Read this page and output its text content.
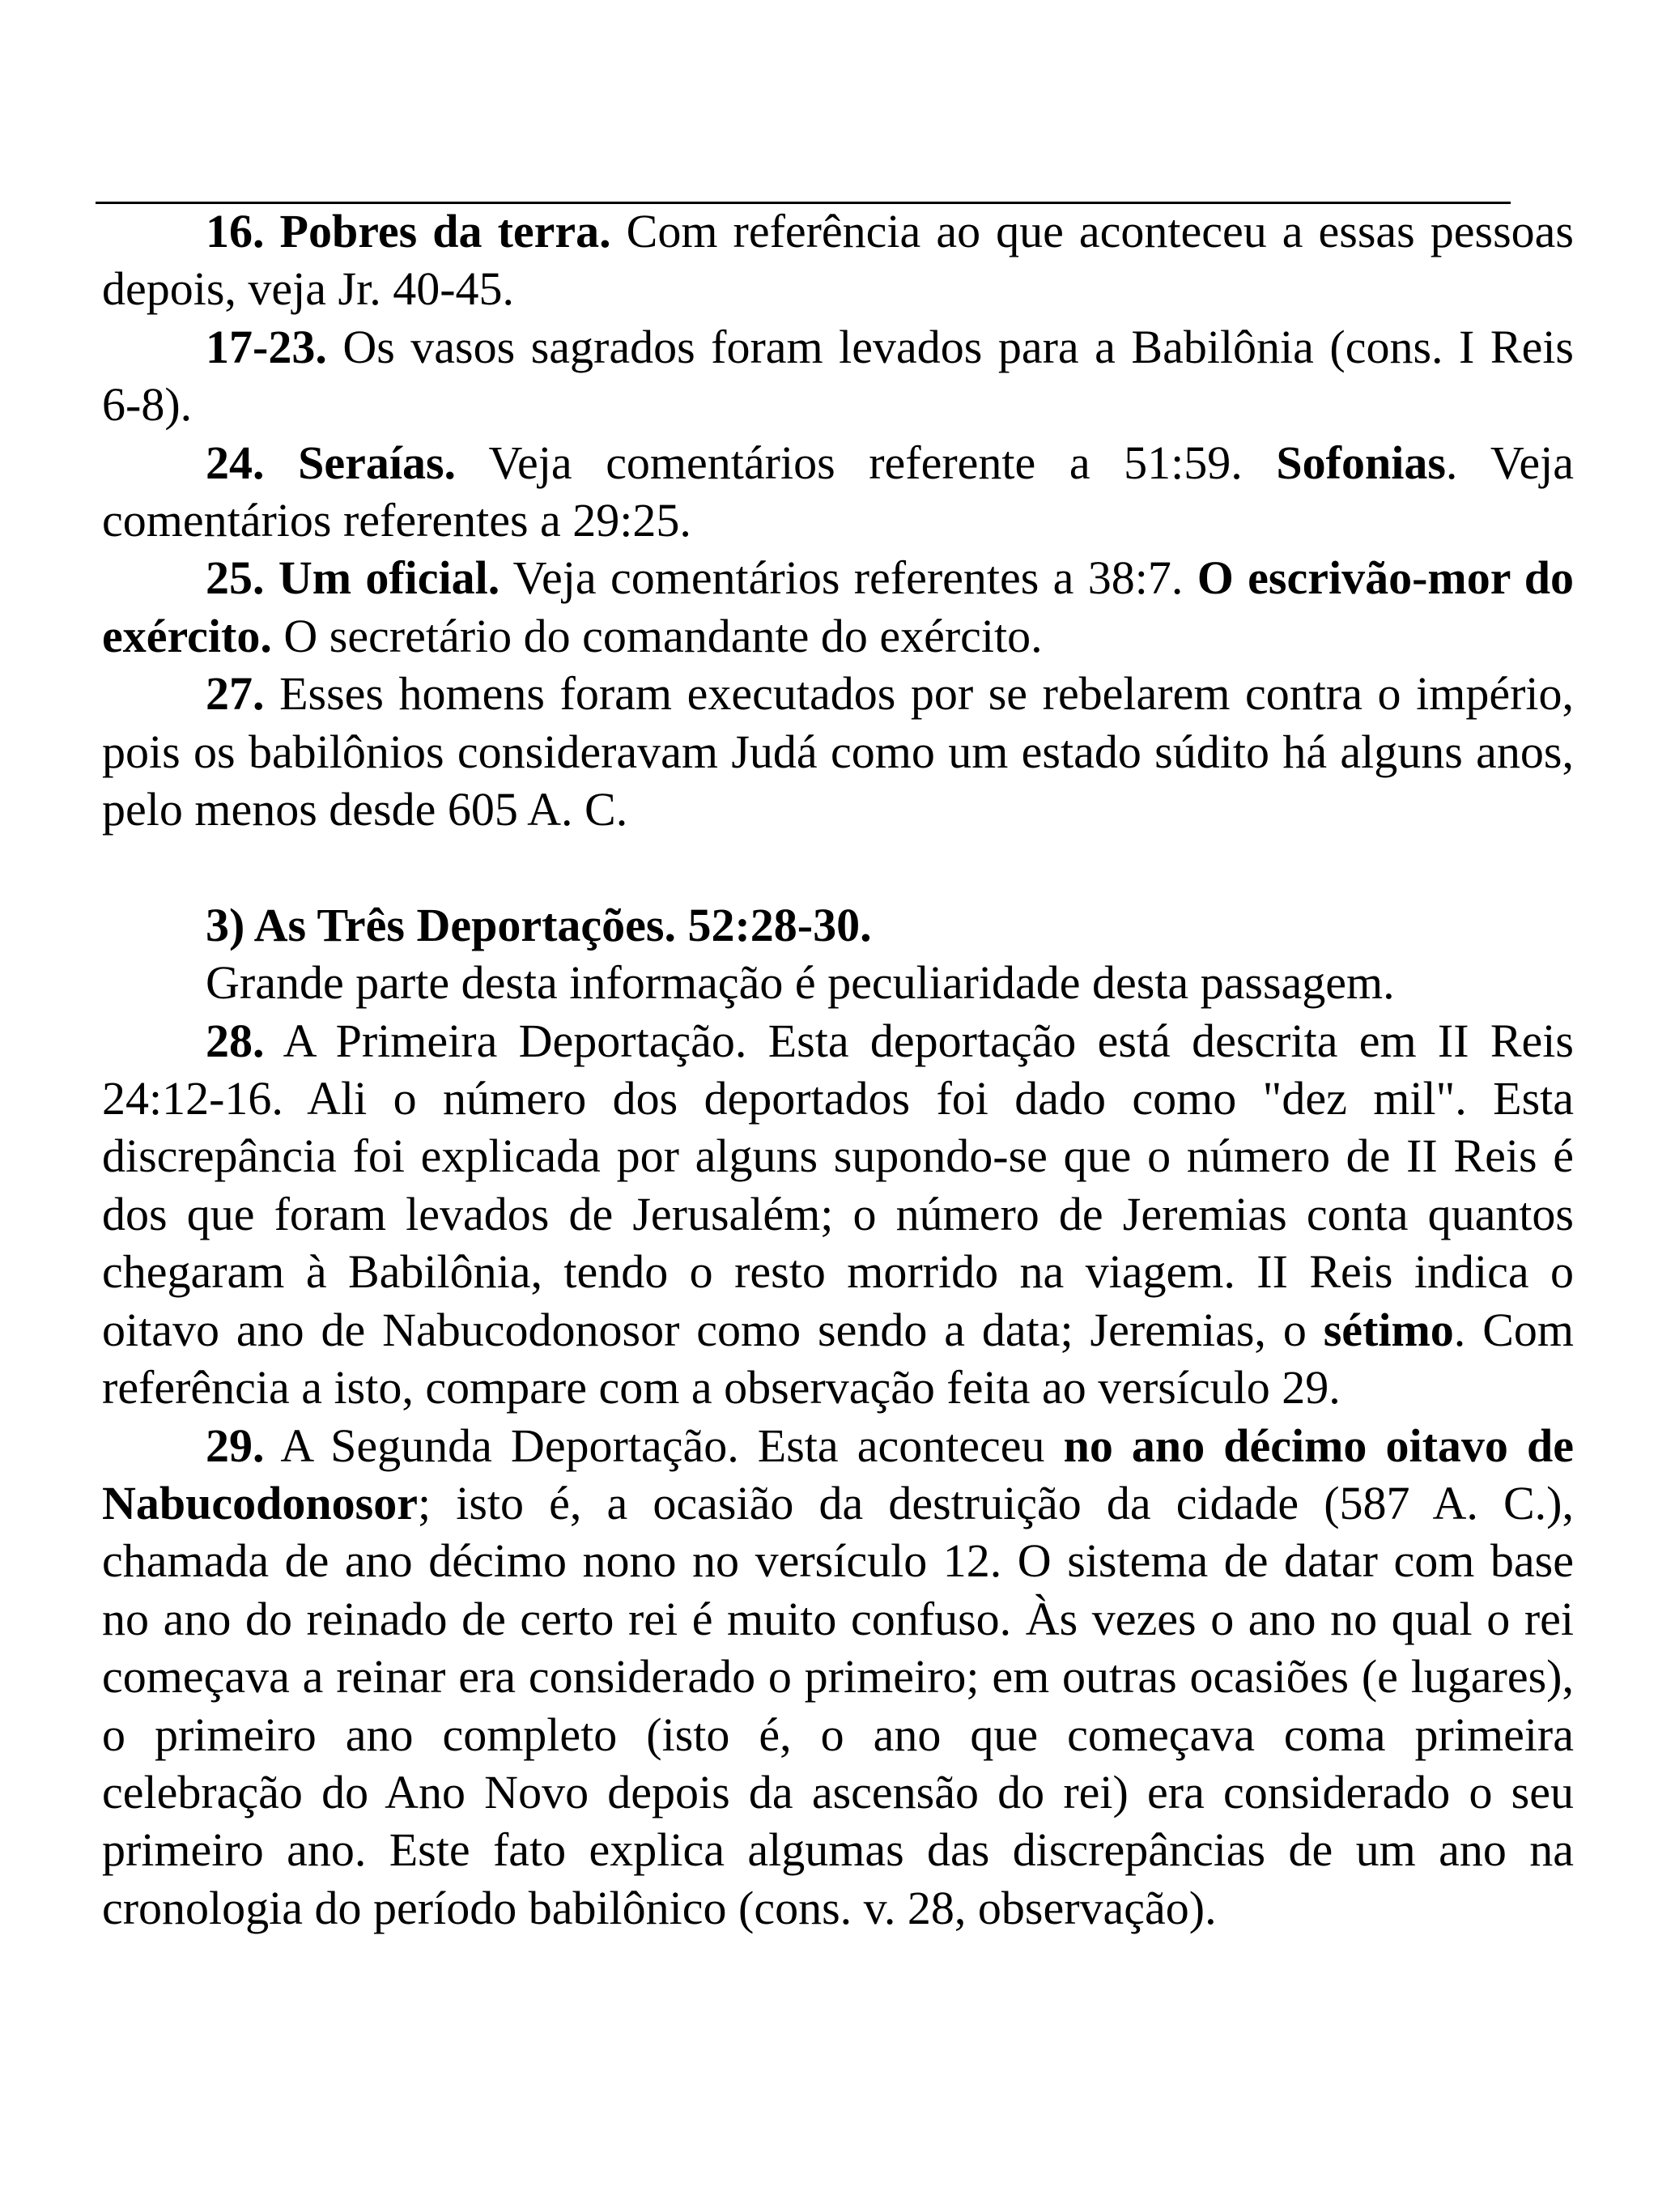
16. Pobres da terra. Com referência ao que aconteceu a essas pessoas depois, veja Jr. 40-45.

17-23. Os vasos sagrados foram levados para a Babilônia (cons. I Reis 6-8).

24. Seraías. Veja comentários referente a 51:59. Sofonias. Veja comentários referentes a 29:25.

25. Um oficial. Veja comentários referentes a 38:7. O escrivão-mor do exército. O secretário do comandante do exército.

27. Esses homens foram executados por se rebelarem contra o império, pois os babilônios consideravam Judá como um estado súdito há alguns anos, pelo menos desde 605 A. C.

3) As Três Deportações. 52:28-30.

Grande parte desta informação é peculiaridade desta passagem.

28. A Primeira Deportação. Esta deportação está descrita em II Reis 24:12-16. Ali o número dos deportados foi dado como "dez mil". Esta discrepância foi explicada por alguns supondo-se que o número de II Reis é dos que foram levados de Jerusalém; o número de Jeremias conta quantos chegaram à Babilônia, tendo o resto morrido na viagem. II Reis indica o oitavo ano de Nabucodonosor como sendo a data; Jeremias, o sétimo. Com referência a isto, compare com a observação feita ao versículo 29.

29. A Segunda Deportação. Esta aconteceu no ano décimo oitavo de Nabucodonosor; isto é, a ocasião da destruição da cidade (587 A. C.), chamada de ano décimo nono no versículo 12. O sistema de datar com base no ano do reinado de certo rei é muito confuso. Às vezes o ano no qual o rei começava a reinar era considerado o primeiro; em outras ocasiões (e lugares), o primeiro ano completo (isto é, o ano que começava coma primeira celebração do Ano Novo depois da ascensão do rei) era considerado o seu primeiro ano. Este fato explica algumas das discrepâncias de um ano na cronologia do período babilônico (cons. v. 28, observação).
